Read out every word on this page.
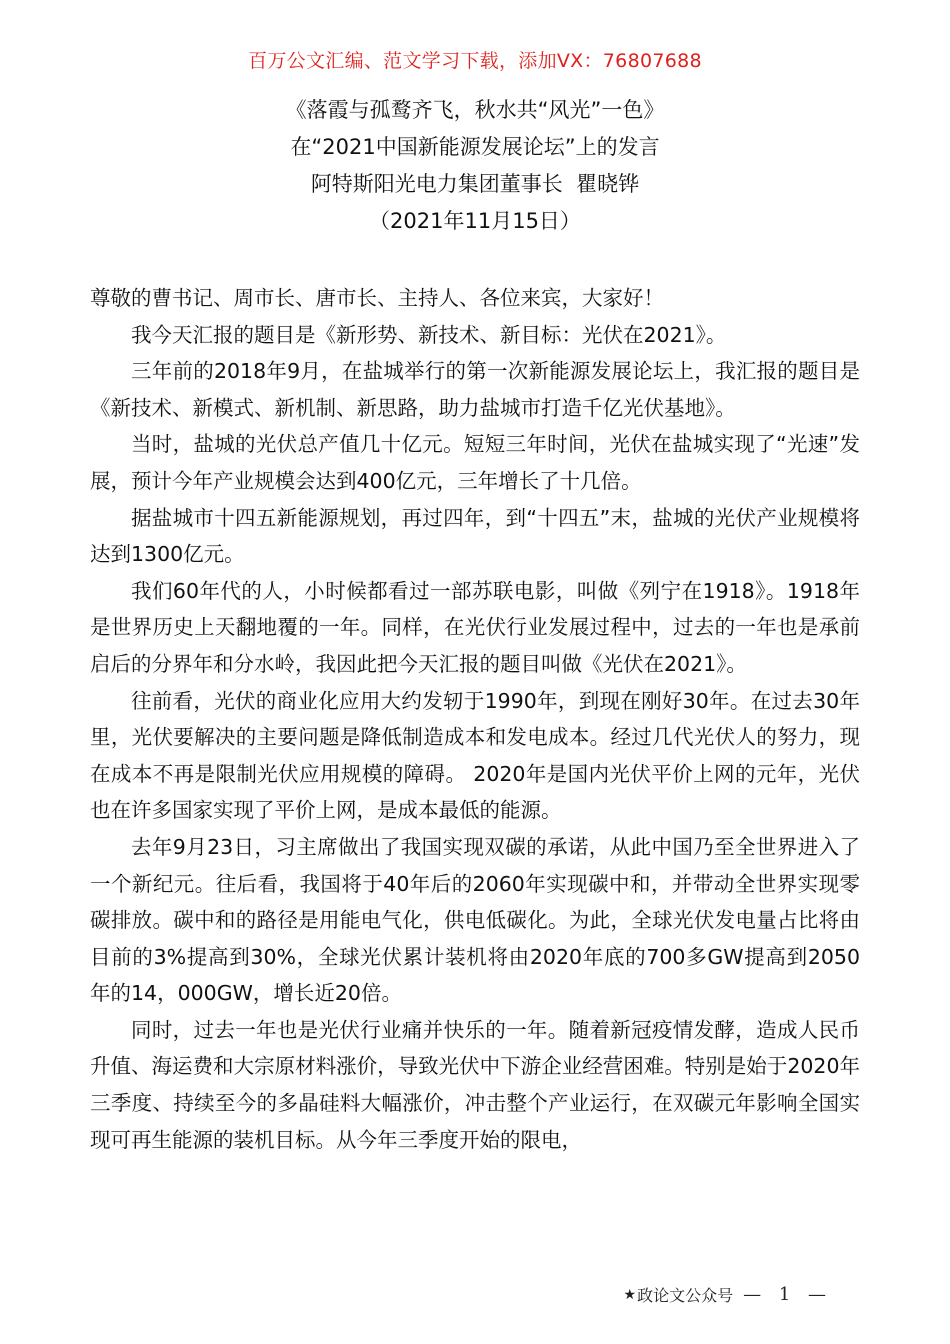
百万公文汇编、范文学习下载，添加VX：76807688
《落霞与孤鹜齐飞，秋水共“风光”一色》
在“2021中国新能源发展论坛”上的发言
阿特斯阳光电力集团董事长  瞿晓铧
（2021年11月15日）

尊敬的曹书记、周市长、唐市长、主持人、各位来宾，大家好！

我今天汇报的题目是《新形势、新技术、新目标：光伏在2021》。

三年前的2018年9月，在盐城举行的第一次新能源发展论坛上，我汇报的题目是《新技术、新模式、新机制、新思路，助力盐城市打造千亿光伏基地》。

当时，盐城的光伏总产值几十亿元。短短三年时间，光伏在盐城实现了“光速”发展，预计今年产业规模会达到400亿元，三年增长了十几倍。

据盐城市十四五新能源规划，再过四年，到“十四五”末，盐城的光伏产业规模将达到1300亿元。

我们60年代的人，小时候都看过一部苏联电影，叫做《列宁在1918》。1918年是世界历史上天翻地覆的一年。同样，在光伏行业发展过程中，过去的一年也是承前启后的分界年和分水岭，我因此把今天汇报的题目叫做《光伏在2021》。

往前看，光伏的商业化应用大约发轫于1990年，到现在刚好30年。在过去30年里，光伏要解决的主要问题是降低制造成本和发电成本。经过几代光伏人的努力，现在成本不再是限制光伏应用规模的障碍。 2020年是国内光伏平价上网的元年，光伏也在许多国家实现了平价上网，是成本最低的能源。

去年9月23日，习主席做出了我国实现双碳的承诺，从此中国乃至全世界进入了一个新纪元。往后看，我国将于40年后的2060年实现碳中和，并带动全世界实现零碳排放。碳中和的路径是用能电气化，供电低碳化。为此，全球光伏发电量占比将由目前的3%提高到30%，全球光伏累计装机将由2020年底的700多GW提高到2050年的14，000GW，增长近20倍。

同时，过去一年也是光伏行业痛并快乐的一年。随着新冠疫情发酵，造成人民币升值、海运费和大宗原材料涨价，导致光伏中下游企业经营困难。特别是始于2020年三季度、持续至今的多晶硅料大幅涨价，冲击整个产业运行，在双碳元年影响全国实现可再生能源的装机目标。从今年三季度开始的限电，

★ 政论文公众号 — 1 —
